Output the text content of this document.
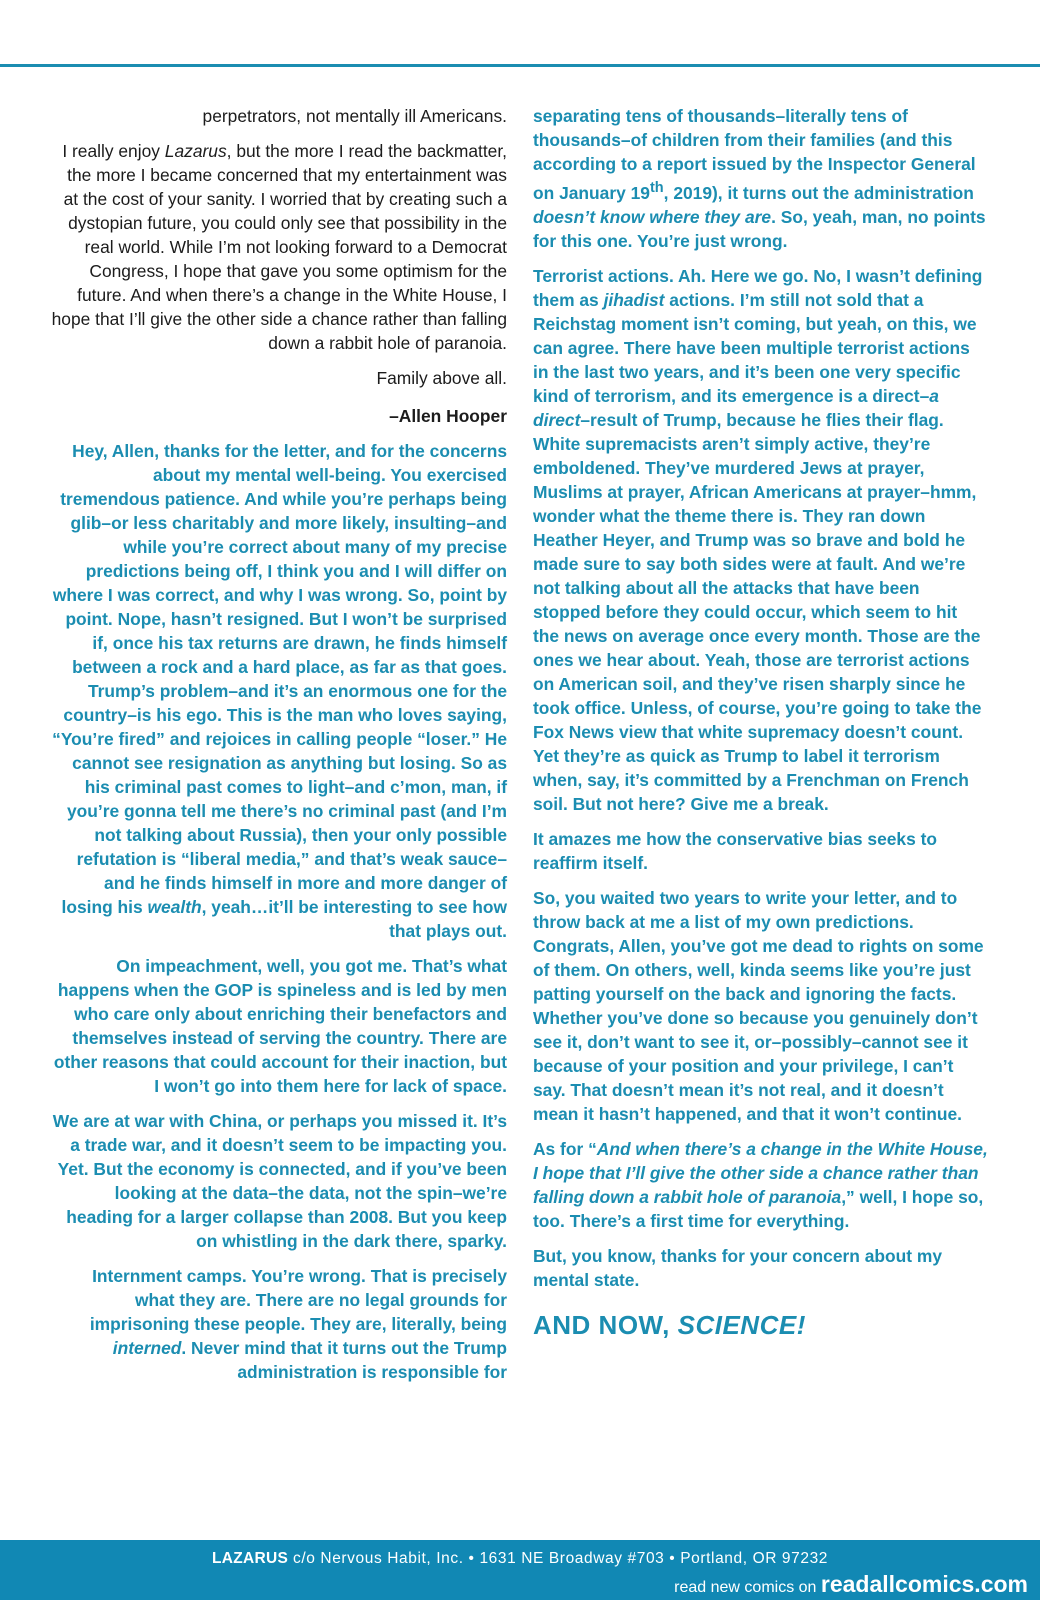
perpetrators, not mentally ill Americans.

I really enjoy Lazarus, but the more I read the backmatter, the more I became concerned that my entertainment was at the cost of your sanity. I worried that by creating such a dystopian future, you could only see that possibility in the real world. While I’m not looking forward to a Democrat Congress, I hope that gave you some optimism for the future. And when there’s a change in the White House, I hope that I’ll give the other side a chance rather than falling down a rabbit hole of paranoia.

Family above all.

–Allen Hooper

Hey, Allen, thanks for the letter, and for the concerns about my mental well-being. You exercised tremendous patience. And while you’re perhaps being glib–or less charitably and more likely, insulting–and while you’re correct about many of my precise predictions being off, I think you and I will differ on where I was correct, and why I was wrong. So, point by point. Nope, hasn’t resigned. But I won’t be surprised if, once his tax returns are drawn, he finds himself between a rock and a hard place, as far as that goes. Trump’s problem–and it’s an enormous one for the country–is his ego. This is the man who loves saying, “You’re fired” and rejoices in calling people “loser.” He cannot see resignation as anything but losing. So as his criminal past comes to light–and c’mon, man, if you’re gonna tell me there’s no criminal past (and I’m not talking about Russia), then your only possible refutation is “liberal media,” and that’s weak sauce–and he finds himself in more and more danger of losing his wealth, yeah…it’ll be interesting to see how that plays out.

On impeachment, well, you got me. That’s what happens when the GOP is spineless and is led by men who care only about enriching their benefactors and themselves instead of serving the country. There are other reasons that could account for their inaction, but I won’t go into them here for lack of space.

We are at war with China, or perhaps you missed it. It’s a trade war, and it doesn’t seem to be impacting you. Yet. But the economy is connected, and if you’ve been looking at the data–the data, not the spin–we’re heading for a larger collapse than 2008. But you keep on whistling in the dark there, sparky.

Internment camps. You’re wrong. That is precisely what they are. There are no legal grounds for imprisoning these people. They are, literally, being interned. Never mind that it turns out the Trump administration is responsible for

separating tens of thousands–literally tens of thousands–of children from their families (and this according to a report issued by the Inspector General on January 19th, 2019), it turns out the administration doesn’t know where they are. So, yeah, man, no points for this one. You’re just wrong.

Terrorist actions. Ah. Here we go. No, I wasn’t defining them as jihadist actions. I’m still not sold that a Reichstag moment isn’t coming, but yeah, on this, we can agree. There have been multiple terrorist actions in the last two years, and it’s been one very specific kind of terrorism, and its emergence is a direct–a direct–result of Trump, because he flies their flag. White supremacists aren’t simply active, they’re emboldened. They’ve murdered Jews at prayer, Muslims at prayer, African Americans at prayer–hmm, wonder what the theme there is. They ran down Heather Heyer, and Trump was so brave and bold he made sure to say both sides were at fault. And we’re not talking about all the attacks that have been stopped before they could occur, which seem to hit the news on average once every month. Those are the ones we hear about. Yeah, those are terrorist actions on American soil, and they’ve risen sharply since he took office. Unless, of course, you’re going to take the Fox News view that white supremacy doesn’t count. Yet they’re as quick as Trump to label it terrorism when, say, it’s committed by a Frenchman on French soil. But not here? Give me a break.

It amazes me how the conservative bias seeks to reaffirm itself.

So, you waited two years to write your letter, and to throw back at me a list of my own predictions. Congrats, Allen, you’ve got me dead to rights on some of them. On others, well, kinda seems like you’re just patting yourself on the back and ignoring the facts. Whether you’ve done so because you genuinely don’t see it, don’t want to see it, or–possibly–cannot see it because of your position and your privilege, I can’t say. That doesn’t mean it’s not real, and it doesn’t mean it hasn’t happened, and that it won’t continue.

As for “And when there’s a change in the White House, I hope that I’ll give the other side a chance rather than falling down a rabbit hole of paranoia,” well, I hope so, too. There’s a first time for everything.

But, you know, thanks for your concern about my mental state.

AND NOW, SCIENCE!
LAZARUS c/o Nervous Habit, Inc. • 1631 NE Broadway #703 • Portland, OR 97232
read new comics on readallcomics.com
